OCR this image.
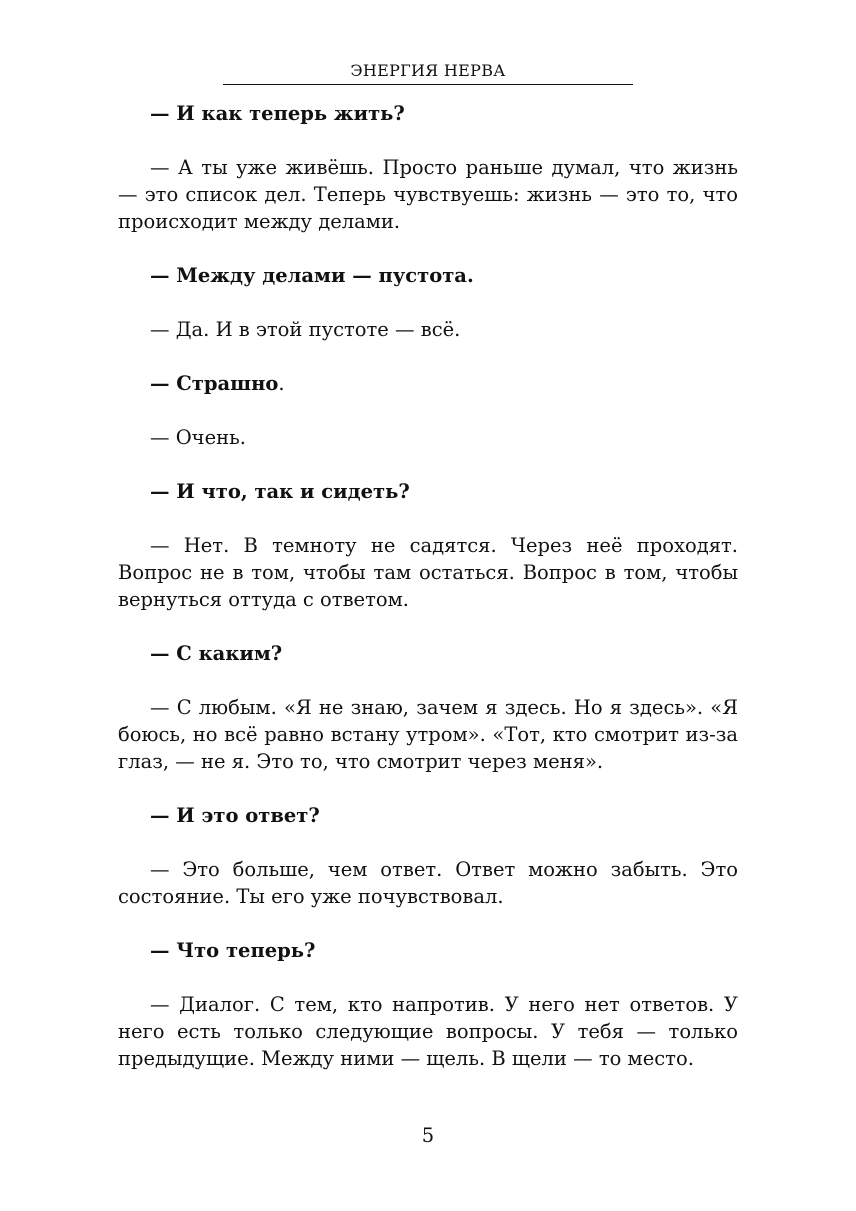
ЭНЕРГИЯ НЕРВА

— И как теперь жить?

— А ты уже живёшь. Просто раньше думал, что жизнь — это список дел. Теперь чувствуешь: жизнь — это то, что происходит между делами.

— Между делами — пустота.

— Да. И в этой пустоте — всё.

— Страшно.

— Очень.

— И что, так и сидеть?

— Нет. В темноту не садятся. Через неё проходят. Вопрос не в том, чтобы там остаться. Вопрос в том, чтобы вернуться оттуда с ответом.

— С каким?

— С любым. «Я не знаю, зачем я здесь. Но я здесь». «Я боюсь, но всё равно встану утром». «Тот, кто смотрит из-за глаз, — не я. Это то, что смотрит через меня».

— И это ответ?

— Это больше, чем ответ. Ответ можно забыть. Это состояние. Ты его уже почувствовал.

— Что теперь?

— Диалог. С тем, кто напротив. У него нет ответов. У него есть только следующие вопросы. У тебя — только предыдущие. Между ними — щель. В щели — то место.

5
